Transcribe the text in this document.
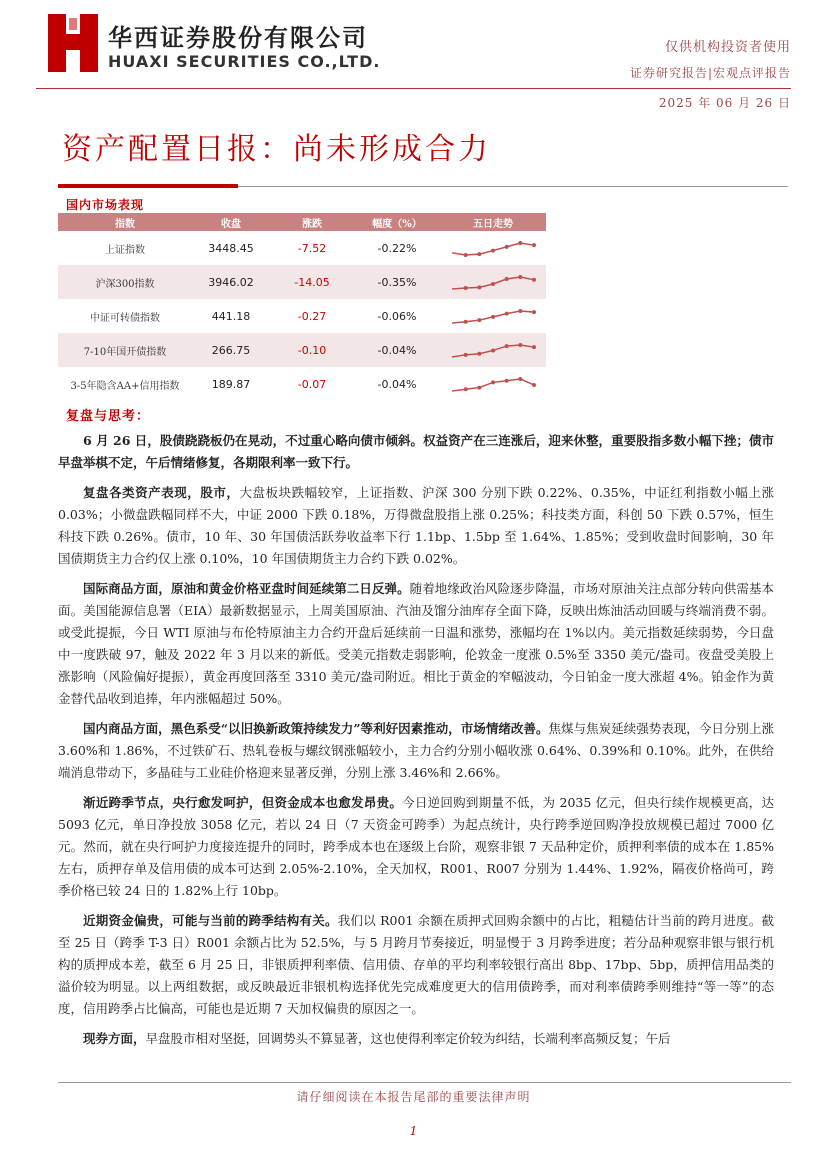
华西证券股份有限公司
HUAXI SECURITIES CO.,LTD.
仅供机构投资者使用
证券研究报告|宏观点评报告
2025 年 06 月 26 日
资产配置日报：尚未形成合力
国内市场表现
指数	收盘	涨跌	幅度（%）	五日走势
上证指数	3448.45	-7.52	-0.22%	

沪深300指数	3946.02	-14.05	-0.35%	

中证可转债指数	441.18	-0.27	-0.06%	

7-10年国开债指数	266.75	-0.10	-0.04%	

3-5年隐含AA+信用指数	189.87	-0.07	-0.04%	
复盘与思考：

6 月 26 日，股债跷跷板仍在晃动，不过重心略向债市倾斜。权益资产在三连涨后，迎来休整，重要股指多数小幅下挫；债市早盘举棋不定，午后情绪修复，各期限利率一致下行。

复盘各类资产表现，股市，大盘板块跌幅较窄，上证指数、沪深 300 分别下跌 0.22%、0.35%，中证红利指数小幅上涨 0.03%；小微盘跌幅同样不大，中证 2000 下跌 0.18%，万得微盘股指上涨 0.25%；科技类方面，科创 50 下跌 0.57%，恒生科技下跌 0.26%。债市，10 年、30 年国债活跃券收益率下行 1.1bp、1.5bp 至 1.64%、1.85%；受到收盘时间影响，30 年国债期货主力合约仅上涨 0.10%，10 年国债期货主力合约下跌 0.02%。

国际商品方面，原油和黄金价格亚盘时间延续第二日反弹。随着地缘政治风险逐步降温，市场对原油关注点部分转向供需基本面。美国能源信息署（EIA）最新数据显示，上周美国原油、汽油及馏分油库存全面下降，反映出炼油活动回暖与终端消费不弱。或受此提振，今日 WTI 原油与布伦特原油主力合约开盘后延续前一日温和涨势，涨幅均在 1%以内。美元指数延续弱势，今日盘中一度跌破 97，触及 2022 年 3 月以来的新低。受美元指数走弱影响，伦敦金一度涨 0.5%至 3350 美元/盎司。夜盘受美股上涨影响（风险偏好提振），黄金再度回落至 3310 美元/盎司附近。相比于黄金的窄幅波动，今日铂金一度大涨超 4%。铂金作为黄金替代品收到追捧，年内涨幅超过 50%。

国内商品方面，黑色系受“以旧换新政策持续发力”等利好因素推动，市场情绪改善。焦煤与焦炭延续强势表现，今日分别上涨 3.60%和 1.86%，不过铁矿石、热轧卷板与螺纹钢涨幅较小，主力合约分别小幅收涨 0.64%、0.39%和 0.10%。此外，在供给端消息带动下，多晶硅与工业硅价格迎来显著反弹，分别上涨 3.46%和 2.66%。

渐近跨季节点，央行愈发呵护，但资金成本也愈发昂贵。今日逆回购到期量不低，为 2035 亿元，但央行续作规模更高，达 5093 亿元，单日净投放 3058 亿元，若以 24 日（7 天资金可跨季）为起点统计，央行跨季逆回购净投放规模已超过 7000 亿元。然而，就在央行呵护力度接连提升的同时，跨季成本也在逐级上台阶，观察非银 7 天品种定价，质押利率债的成本在 1.85%左右，质押存单及信用债的成本可达到 2.05%-2.10%，全天加权，R001、R007 分别为 1.44%、1.92%，隔夜价格尚可，跨季价格已较 24 日的 1.82%上行 10bp。

近期资金偏贵，可能与当前的跨季结构有关。我们以 R001 余额在质押式回购余额中的占比，粗糙估计当前的跨月进度。截至 25 日（跨季 T-3 日）R001 余额占比为 52.5%，与 5 月跨月节奏接近，明显慢于 3 月跨季进度；若分品种观察非银与银行机构的质押成本差，截至 6 月 25 日，非银质押利率债、信用债、存单的平均利率较银行高出 8bp、17bp、5bp，质押信用品类的溢价较为明显。以上两组数据，或反映最近非银机构选择优先完成难度更大的信用债跨季，而对利率债跨季则维持“等一等”的态度，信用跨季占比偏高，可能也是近期 7 天加权偏贵的原因之一。

现券方面，早盘股市相对坚挺，回调势头不算显著，这也使得利率定价较为纠结，长端利率高频反复；午后

请仔细阅读在本报告尾部的重要法律声明
1
